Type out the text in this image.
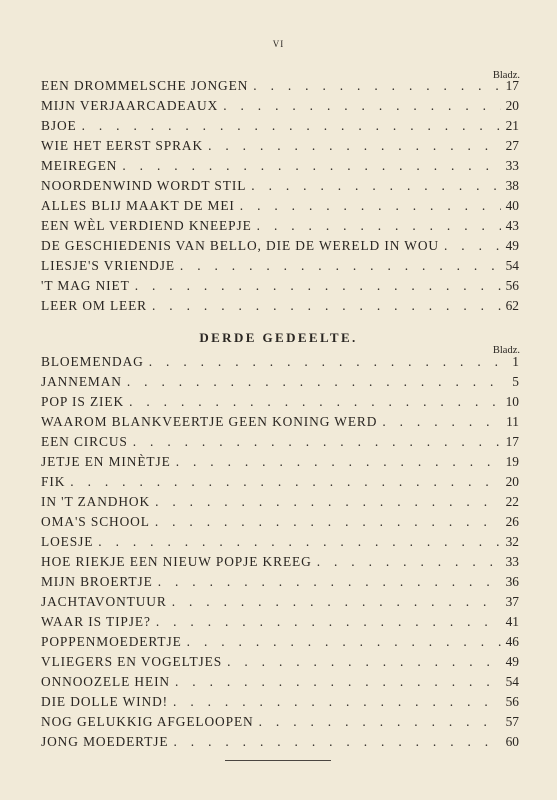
VI
Bladz.
EEN DROMMELSCHE JONGEN . . .	17
MIJN VERJAARCADEAUX . . .	20
BJOE . . .	21
WIE HET EERST SPRAK . . .	27
MEIREGEN . . .	33
NOORDENWIND WORDT STIL . . .	38
ALLES BLIJ MAAKT DE MEI . . .	40
EEN WÈL VERDIEND KNEEPJE . . .	43
DE GESCHIEDENIS VAN BELLO, DIE DE WERELD IN WOU . . .	49
LIESJE'S VRIENDJE . . .	54
'T MAG NIET . . .	56
LEER OM LEER . . .	62
DERDE GEDEELTE.
Bladz.
BLOEMENDAG . . .	1
JANNEMAN . . .	5
POP IS ZIEK . . .	10
WAAROM BLANKVEERTJE GEEN KONING WERD . . .	11
EEN CIRCUS . . .	17
JETJE EN MINÈTJE . . .	19
FIK . . .	20
IN 'T ZANDHOK . . .	22
OMA'S SCHOOL . . .	26
LOESJE . . .	32
HOE RIEKJE EEN NIEUW POPJE KREEG . . .	33
MIJN BROERTJE . . .	36
JACHTAVONTUUR . . .	37
WAAR IS TIPJE? . . .	41
POPPENMOEDERTJE . . .	46
VLIEGERS EN VOGELTJES . . .	49
ONNOOZELE HEIN . . .	54
DIE DOLLE WIND! . . .	56
NOG GELUKKIG AFGELOOPEN . . .	57
JONG MOEDERTJE . . .	60
